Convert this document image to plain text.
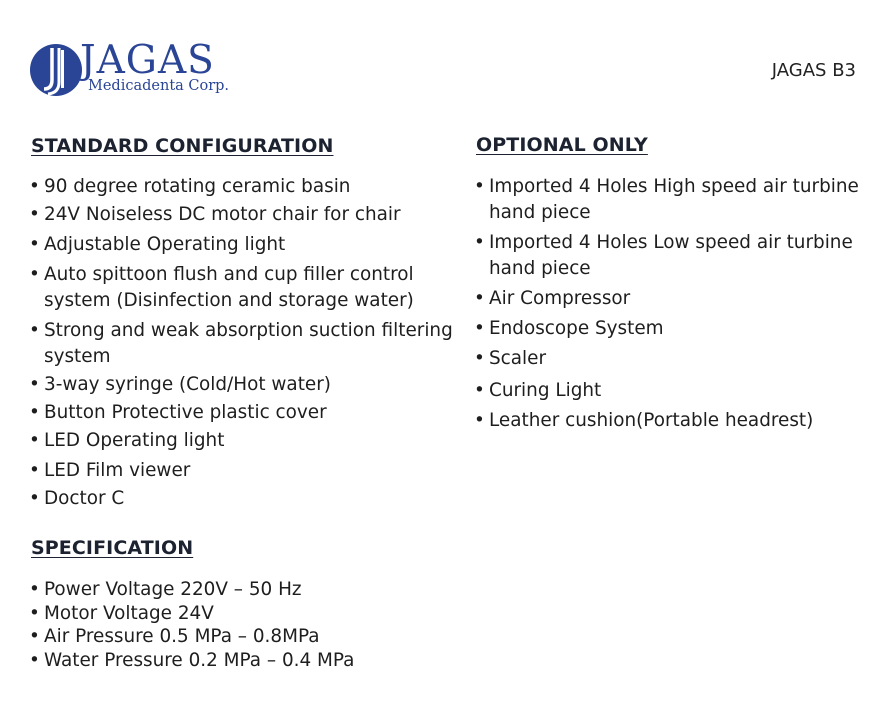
JAGAS
Medicadenta Corp.
JAGAS B3
STANDARD CONFIGURATION
• 90 degree rotating ceramic basin
• 24V Noiseless DC motor chair for chair
• Adjustable Operating light
• Auto spittoon flush and cup filler control system (Disinfection and storage water)
• Strong and weak absorption suction filtering system
• 3-way syringe (Cold/Hot water)
• Button Protective plastic cover
• LED Operating light
• LED Film viewer
• Doctor C
SPECIFICATION
• Power Voltage 220V – 50 Hz
• Motor Voltage 24V
• Air Pressure 0.5 MPa – 0.8MPa
• Water Pressure 0.2 MPa – 0.4 MPa
OPTIONAL ONLY
• Imported 4 Holes High speed air turbine hand piece
• Imported 4 Holes Low speed air turbine hand piece
• Air Compressor
• Endoscope System
• Scaler
• Curing Light
• Leather cushion(Portable headrest)
